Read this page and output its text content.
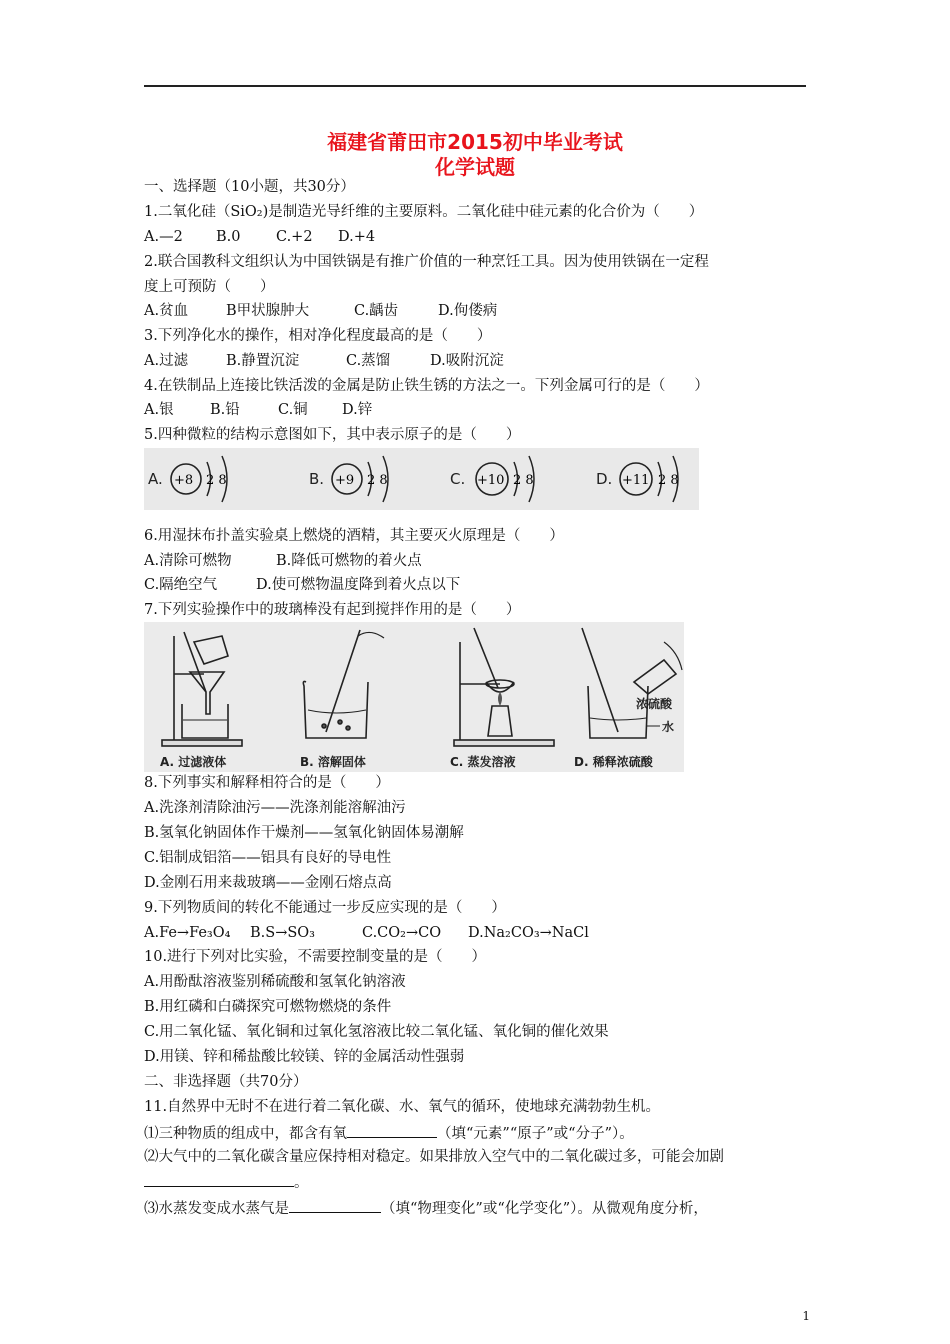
福建省莆田市2015初中毕业考试
化学试题
一、选择题（10小题，共30分）
1.二氧化硅（SiO₂)是制造光导纤维的主要原料。二氧化硅中硅元素的化合价为（　　）
A.—2 B.0 C.+2 D.+4
2.联合国教科文组织认为中国铁锅是有推广价值的一种烹饪工具。因为使用铁锅在一定程
度上可预防（　　）
A.贫血	B甲状腺肿大	C.龋齿	D.佝偻病
3.下列净化水的操作，相对净化程度最高的是（　　）
A.过滤	B.静置沉淀	C.蒸馏	D.吸附沉淀
4.在铁制品上连接比铁活泼的金属是防止铁生锈的方法之一。下列金属可行的是（　　）
A.银	B.铅	C.铜 D.锌
5.四种微粒的结构示意图如下，其中表示原子的是（　　）
A. +8 2 8	B. +9 2 8	C. +10 2 8	D. +11 2 8
6.用湿抹布扑盖实验桌上燃烧的酒精，其主要灭火原理是（　　）
A.清除可燃物	B.降低可燃物的着火点
C.隔绝空气	D.使可燃物温度降到着火点以下
7.下列实验操作中的玻璃棒没有起到搅拌作用的是（　　）
A. 过滤液体	B. 溶解固体	C. 蒸发溶液
浓硫酸
水
D. 稀释浓硫酸
8.下列事实和解释相符合的是（　　）
A.洗涤剂清除油污——洗涤剂能溶解油污
B.氢氧化钠固体作干燥剂——氢氧化钠固体易潮解
C.铝制成铝箔——铝具有良好的导电性
D.金刚石用来裁玻璃——金刚石熔点高
9.下列物质间的转化不能通过一步反应实现的是（　　）
A.Fe→Fe₃O₄ B.S→SO₃	C.CO₂→CO D.Na₂CO₃→NaCl
10.进行下列对比实验，不需要控制变量的是（　　）
A.用酚酞溶液鉴别稀硫酸和氢氧化钠溶液
B.用红磷和白磷探究可燃物燃烧的条件
C.用二氧化锰、氧化铜和过氧化氢溶液比较二氧化锰、氧化铜的催化效果
D.用镁、锌和稀盐酸比较镁、锌的金属活动性强弱
二、非选择题（共70分）
11.自然界中无时不在进行着二氧化碳、水、氧气的循环，使地球充满勃勃生机。
⑴三种物质的组成中，都含有氧	（填“元素”“原子”或“分子”）。
⑵大气中的二氧化碳含量应保持相对稳定。如果排放入空气中的二氧化碳过多，可能会加剧
。
⑶水蒸发变成水蒸气是	（填“物理变化”或“化学变化”）。从微观角度分析，
1
